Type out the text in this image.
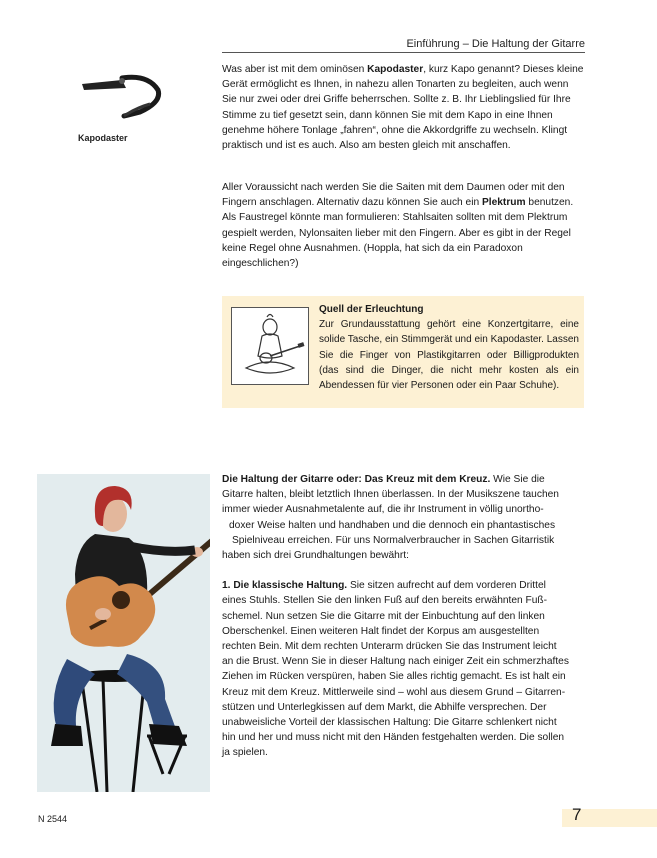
Einführung – Die Haltung der Gitarre
Kapodaster

Was aber ist mit dem ominösen Kapodaster, kurz Kapo genannt? Dieses kleine Gerät ermöglicht es Ihnen, in nahezu allen Tonarten zu begleiten, auch wenn Sie nur zwei oder drei Griffe beherrschen. Sollte z. B. Ihr Lieblingslied für Ihre Stimme zu tief gesetzt sein, dann können Sie mit dem Kapo in eine Ihnen genehme höhere Tonlage „fahren“, ohne die Akkordgriffe zu wechseln. Klingt praktisch und ist es auch. Also am besten gleich mit anschaffen.

Aller Voraussicht nach werden Sie die Saiten mit dem Daumen oder mit den Fingern anschlagen. Alternativ dazu können Sie auch ein Plektrum benutzen. Als Faustregel könnte man formulieren: Stahlsaiten sollten mit dem Plektrum gespielt werden, Nylonsaiten lieber mit den Fingern. Aber es gibt in der Regel keine Regel ohne Ausnahmen. (Hoppla, hat sich da ein Paradoxon eingeschlichen?)

Quell der Erleuchtung
Zur Grundausstattung gehört eine Konzertgitarre, eine solide Tasche, ein Stimmgerät und ein Kapodaster. Lassen Sie die Finger von Plastikgitarren oder Billigprodukten (das sind die Dinger, die nicht mehr kosten als ein Abendessen für vier Personen oder ein Paar Schuhe).
Die Haltung der Gitarre oder: Das Kreuz mit dem Kreuz. Wie Sie die
Gitarre halten, bleibt letztlich Ihnen überlassen. In der Musikszene tauchen
immer wieder Ausnahmetalente auf, die ihr Instrument in völlig unortho-
doxer Weise halten und handhaben und die dennoch ein phantastisches
Spielniveau erreichen. Für uns Normalverbraucher in Sachen Gitarristik
haben sich drei Grundhaltungen bewährt:
1. Die klassische Haltung. Sie sitzen aufrecht auf dem vorderen Drittel
eines Stuhls. Stellen Sie den linken Fuß auf den bereits erwähnten Fuß-
schemel. Nun setzen Sie die Gitarre mit der Einbuchtung auf den linken
Oberschenkel. Einen weiteren Halt findet der Korpus am ausgestellten
rechten Bein. Mit dem rechten Unterarm drücken Sie das Instrument leicht
an die Brust. Wenn Sie in dieser Haltung nach einiger Zeit ein schmerzhaftes
Ziehen im Rücken verspüren, haben Sie alles richtig gemacht. Es ist halt ein
Kreuz mit dem Kreuz. Mittlerweile sind – wohl aus diesem Grund – Gitarren-
stützen und Unterlegkissen auf dem Markt, die Abhilfe versprechen. Der
unabweisliche Vorteil der klassischen Haltung: Die Gitarre schlenkert nicht
hin und her und muss nicht mit den Händen festgehalten werden. Die sollen
ja spielen.
N 2544	7
